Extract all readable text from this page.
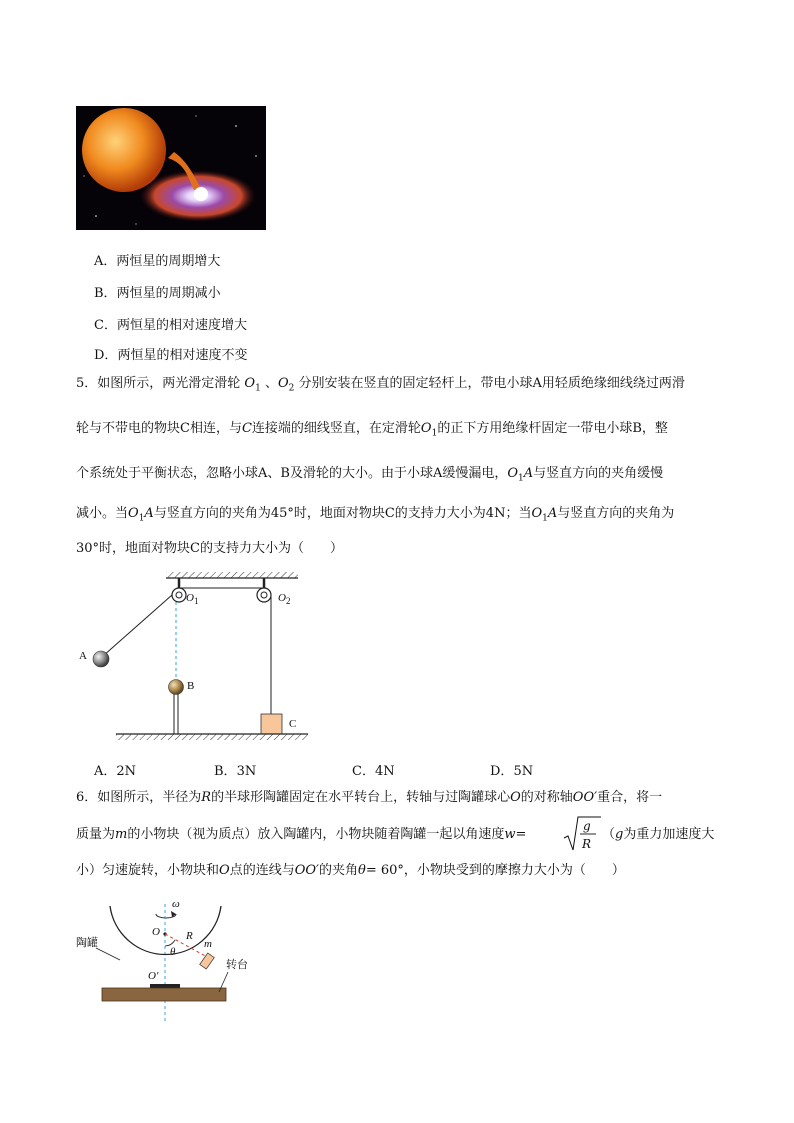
A．两恒星的周期增大
B．两恒星的周期减小
C．两恒星的相对速度增大
D．两恒星的相对速度不变
5．如图所示，两光滑定滑轮 $O_1$ 、$O_2$ 分别安装在竖直的固定轻杆上，带电小球A用轻质绝缘细线绕过两滑
轮与不带电的物块C相连，与C连接端的细线竖直，在定滑轮$O_1$的正下方用绝缘杆固定一带电小球B，整
个系统处于平衡状态，忽略小球A、B及滑轮的大小。由于小球A缓慢漏电，$O_1A$与竖直方向的夹角缓慢
减小。当$O_1A$与竖直方向的夹角为45°时，地面对物块C的支持力大小为4N；当$O_1A$与竖直方向的夹角为
30°时，地面对物块C的支持力大小为（　　）
$O_1$	$O_2$
A
B
C
A．2N	B．3N	C．4N	D．5N
6．如图所示，半径为R的半球形陶罐固定在水平转台上，转轴与过陶罐球心O的对称轴OO′重合，将一
质量为m的小物块（视为质点）放入陶罐内，小物块随着陶罐一起以角速度w=
g
R
（g为重力加速度大
小）匀速旋转，小物块和O点的连线与OO′的夹角θ= 60°，小物块受到的摩擦力大小为（　　）
ω
O R
m
θ
O′
陶罐
转台
